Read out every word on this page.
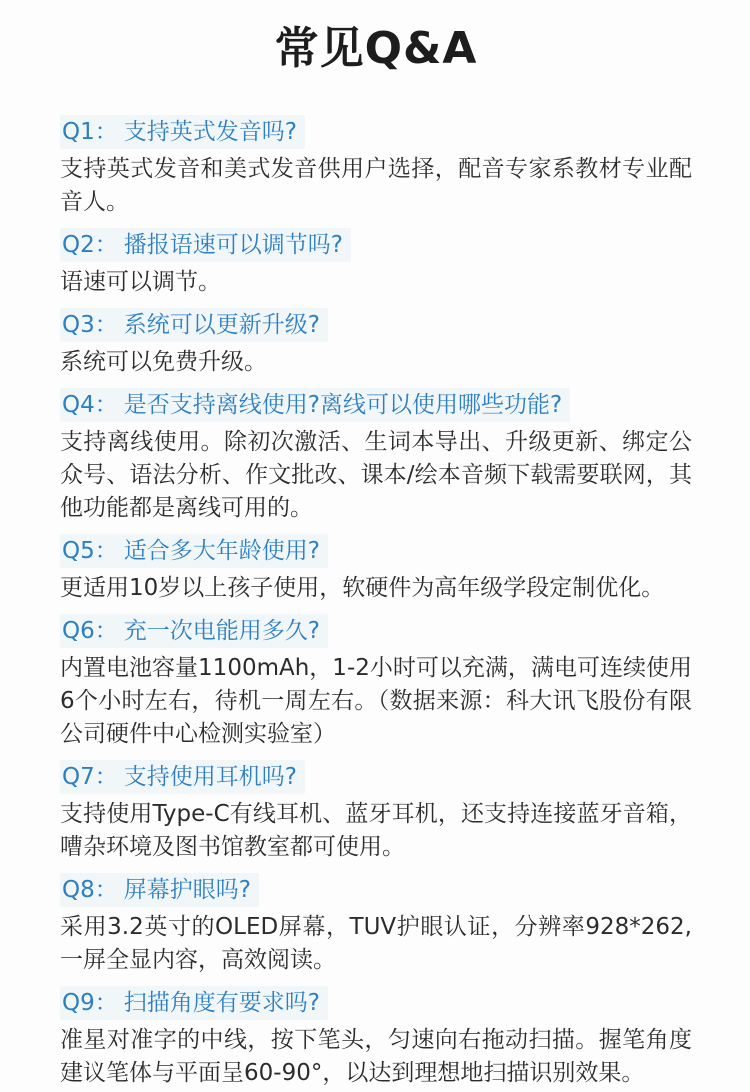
常见Q&A
Q1： 支持英式发音吗?

支持英式发音和美式发音供用户选择，配音专家系教材专业配音人。

Q2： 播报语速可以调节吗?

语速可以调节。

Q3： 系统可以更新升级?

系统可以免费升级。

Q4： 是否支持离线使用?离线可以使用哪些功能?

支持离线使用。除初次激活、生词本导出、升级更新、绑定公众号、语法分析、作文批改、课本/绘本音频下载需要联网，其他功能都是离线可用的。

Q5： 适合多大年龄使用?

更适用10岁以上孩子使用，软硬件为高年级学段定制优化。

Q6： 充一次电能用多久?

内置电池容量1100mAh，1-2小时可以充满，满电可连续使用6个小时左右，待机一周左右。（数据来源：科大讯飞股份有限公司硬件中心检测实验室）

Q7： 支持使用耳机吗?

支持使用Type-C有线耳机、蓝牙耳机，还支持连接蓝牙音箱，嘈杂环境及图书馆教室都可使用。

Q8： 屏幕护眼吗?

采用3.2英寸的OLED屏幕，TUV护眼认证，分辨率928*262,一屏全显内容，高效阅读。

Q9： 扫描角度有要求吗?

准星对准字的中线，按下笔头，匀速向右拖动扫描。握笔角度建议笔体与平面呈60-90°，以达到理想地扫描识别效果。
